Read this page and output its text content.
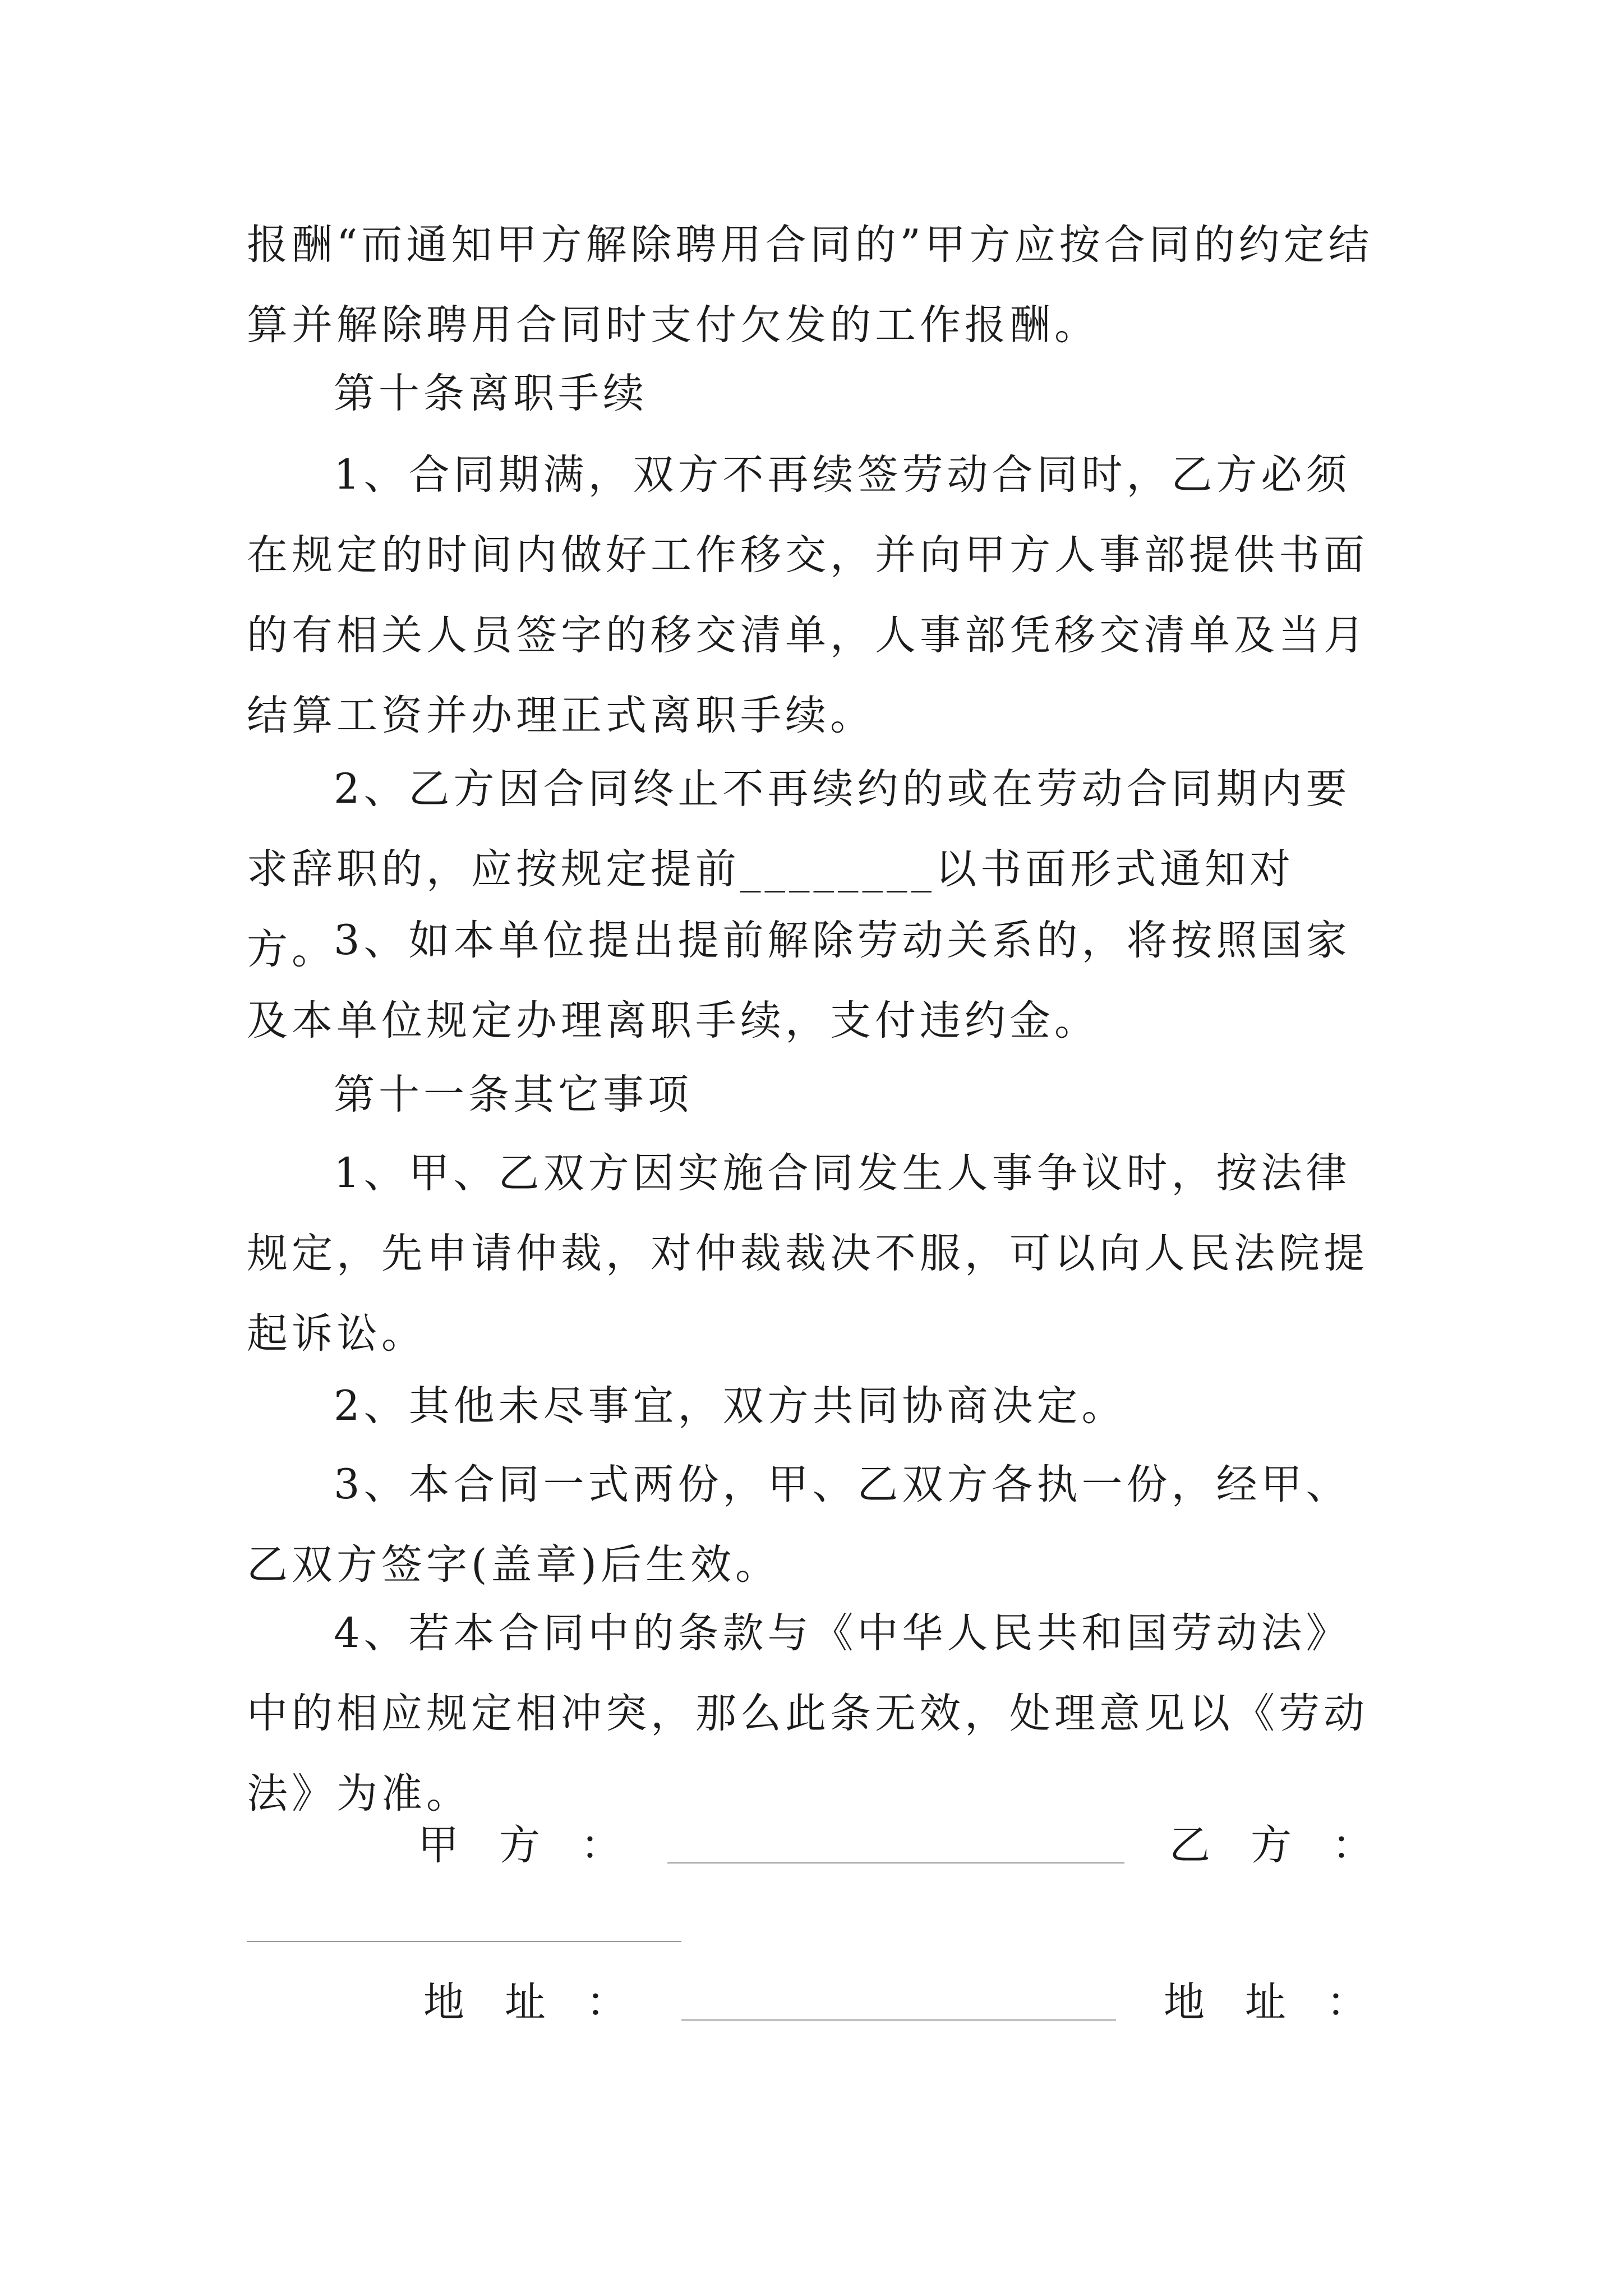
报酬“而通知甲方解除聘用合同的”甲方应按合同的约定结算并解除聘用合同时支付欠发的工作报酬。

第十条离职手续

1、合同期满，双方不再续签劳动合同时，乙方必须在规定的时间内做好工作移交，并向甲方人事部提供书面的有相关人员签字的移交清单，人事部凭移交清单及当月结算工资并办理正式离职手续。

2、乙方因合同终止不再续约的或在劳动合同期内要求辞职的，应按规定提前________以书面形式通知对方。

3、如本单位提出提前解除劳动关系的，将按照国家及本单位规定办理离职手续，支付违约金。

第十一条其它事项

1、甲、乙双方因实施合同发生人事争议时，按法律规定，先申请仲裁，对仲裁裁决不服，可以向人民法院提起诉讼。

2、其他未尽事宜，双方共同协商决定。

3、本合同一式两份，甲、乙双方各执一份，经甲、乙双方签字(盖章)后生效。

4、若本合同中的条款与《中华人民共和国劳动法》中的相应规定相冲突，那么此条无效，处理意见以《劳动法》为准。

甲方：	乙方：
地址：	地址：
